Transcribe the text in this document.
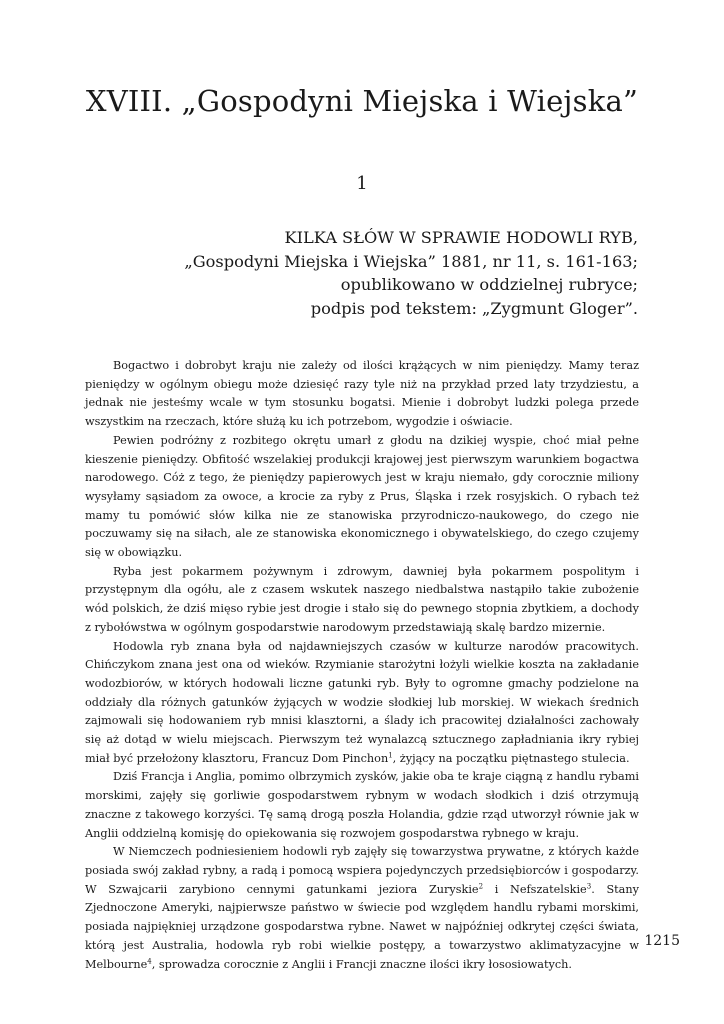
XVIII. „Gospodyni Miejska i Wiejska”
1
KILKA SŁÓW W SPRAWIE HODOWLI RYB,
„Gospodyni Miejska i Wiejska” 1881, nr 11, s. 161-163;
opublikowano w oddzielnej rubryce;
podpis pod tekstem: „Zygmunt Gloger”.

Bogactwo i dobrobyt kraju nie zależy od ilości krążących w nim pieniędzy. Mamy teraz pieniędzy w ogólnym obiegu może dziesięć razy tyle niż na przykład przed laty trzydziestu, a jednak nie jesteśmy wcale w tym stosunku bogatsi. Mienie i dobrobyt ludzki polega przede wszystkim na rzeczach, które służą ku ich potrzebom, wygodzie i oświacie.

Pewien podróżny z rozbitego okrętu umarł z głodu na dzikiej wyspie, choć miał pełne kieszenie pieniędzy. Obfitość wszelakiej produkcji krajowej jest pierwszym warunkiem bogactwa narodowego. Cóż z tego, że pieniędzy papierowych jest w kraju niemało, gdy corocznie miliony wysyłamy sąsiadom za owoce, a krocie za ryby z Prus, Śląska i rzek rosyjskich. O rybach też mamy tu pomówić słów kilka nie ze stanowiska przyrodniczo-naukowego, do czego nie poczuwamy się na siłach, ale ze stanowiska ekonomicznego i obywatelskiego, do czego czujemy się w obowiązku.

Ryba jest pokarmem pożywnym i zdrowym, dawniej była pokarmem pospolitym i przystępnym dla ogółu, ale z czasem wskutek naszego niedbalstwa nastąpiło takie zubożenie wód polskich, że dziś mięso rybie jest drogie i stało się do pewnego stopnia zbytkiem, a dochody z rybołówstwa w ogólnym gospodarstwie narodowym przedstawiają skalę bardzo mizernie.

Hodowla ryb znana była od najdawniejszych czasów w kulturze narodów pracowitych. Chińczykom znana jest ona od wieków. Rzymianie starożytni łożyli wielkie koszta na zakładanie wodozbiorów, w których hodowali liczne gatunki ryb. Były to ogromne gmachy podzielone na oddziały dla różnych gatunków żyjących w wodzie słodkiej lub morskiej. W wiekach średnich zajmowali się hodowaniem ryb mnisi klasztorni, a ślady ich pracowitej działalności zachowały się aż dotąd w wielu miejscach. Pierwszym też wynalazcą sztucznego zapładniania ikry rybiej miał być przełożony klasztoru, Francuz Dom Pinchon$^1$, żyjący na początku piętnastego stulecia.

Dziś Francja i Anglia, pomimo olbrzymich zysków, jakie oba te kraje ciągną z handlu rybami morskimi, zajęły się gorliwie gospodarstwem rybnym w wodach słodkich i dziś otrzymują znaczne z takowego korzyści. Tę samą drogą poszła Holandia, gdzie rząd utworzył równie jak w Anglii oddzielną komisję do opiekowania się rozwojem gospodarstwa rybnego w kraju.

W Niemczech podniesieniem hodowli ryb zajęły się towarzystwa prywatne, z których każde posiada swój zakład rybny, a radą i pomocą wspiera pojedynczych przedsiębiorców i gospodarzy. W Szwajcarii zarybiono cennymi gatunkami jeziora Zuryskie$^2$ i Nefszatelskie$^3$. Stany Zjednoczone Ameryki, najpierwsze państwo w świecie pod względem handlu rybami morskimi, posiada najpiękniej urządzone gospodarstwa rybne. Nawet w najpóźniej odkrytej części świata, którą jest Australia, hodowla ryb robi wielkie postępy, a towarzystwo aklimatyzacyjne w Melbourne$^4$, sprowadza corocznie z Anglii i Francji znaczne ilości ikry łososiowatych.

1215
